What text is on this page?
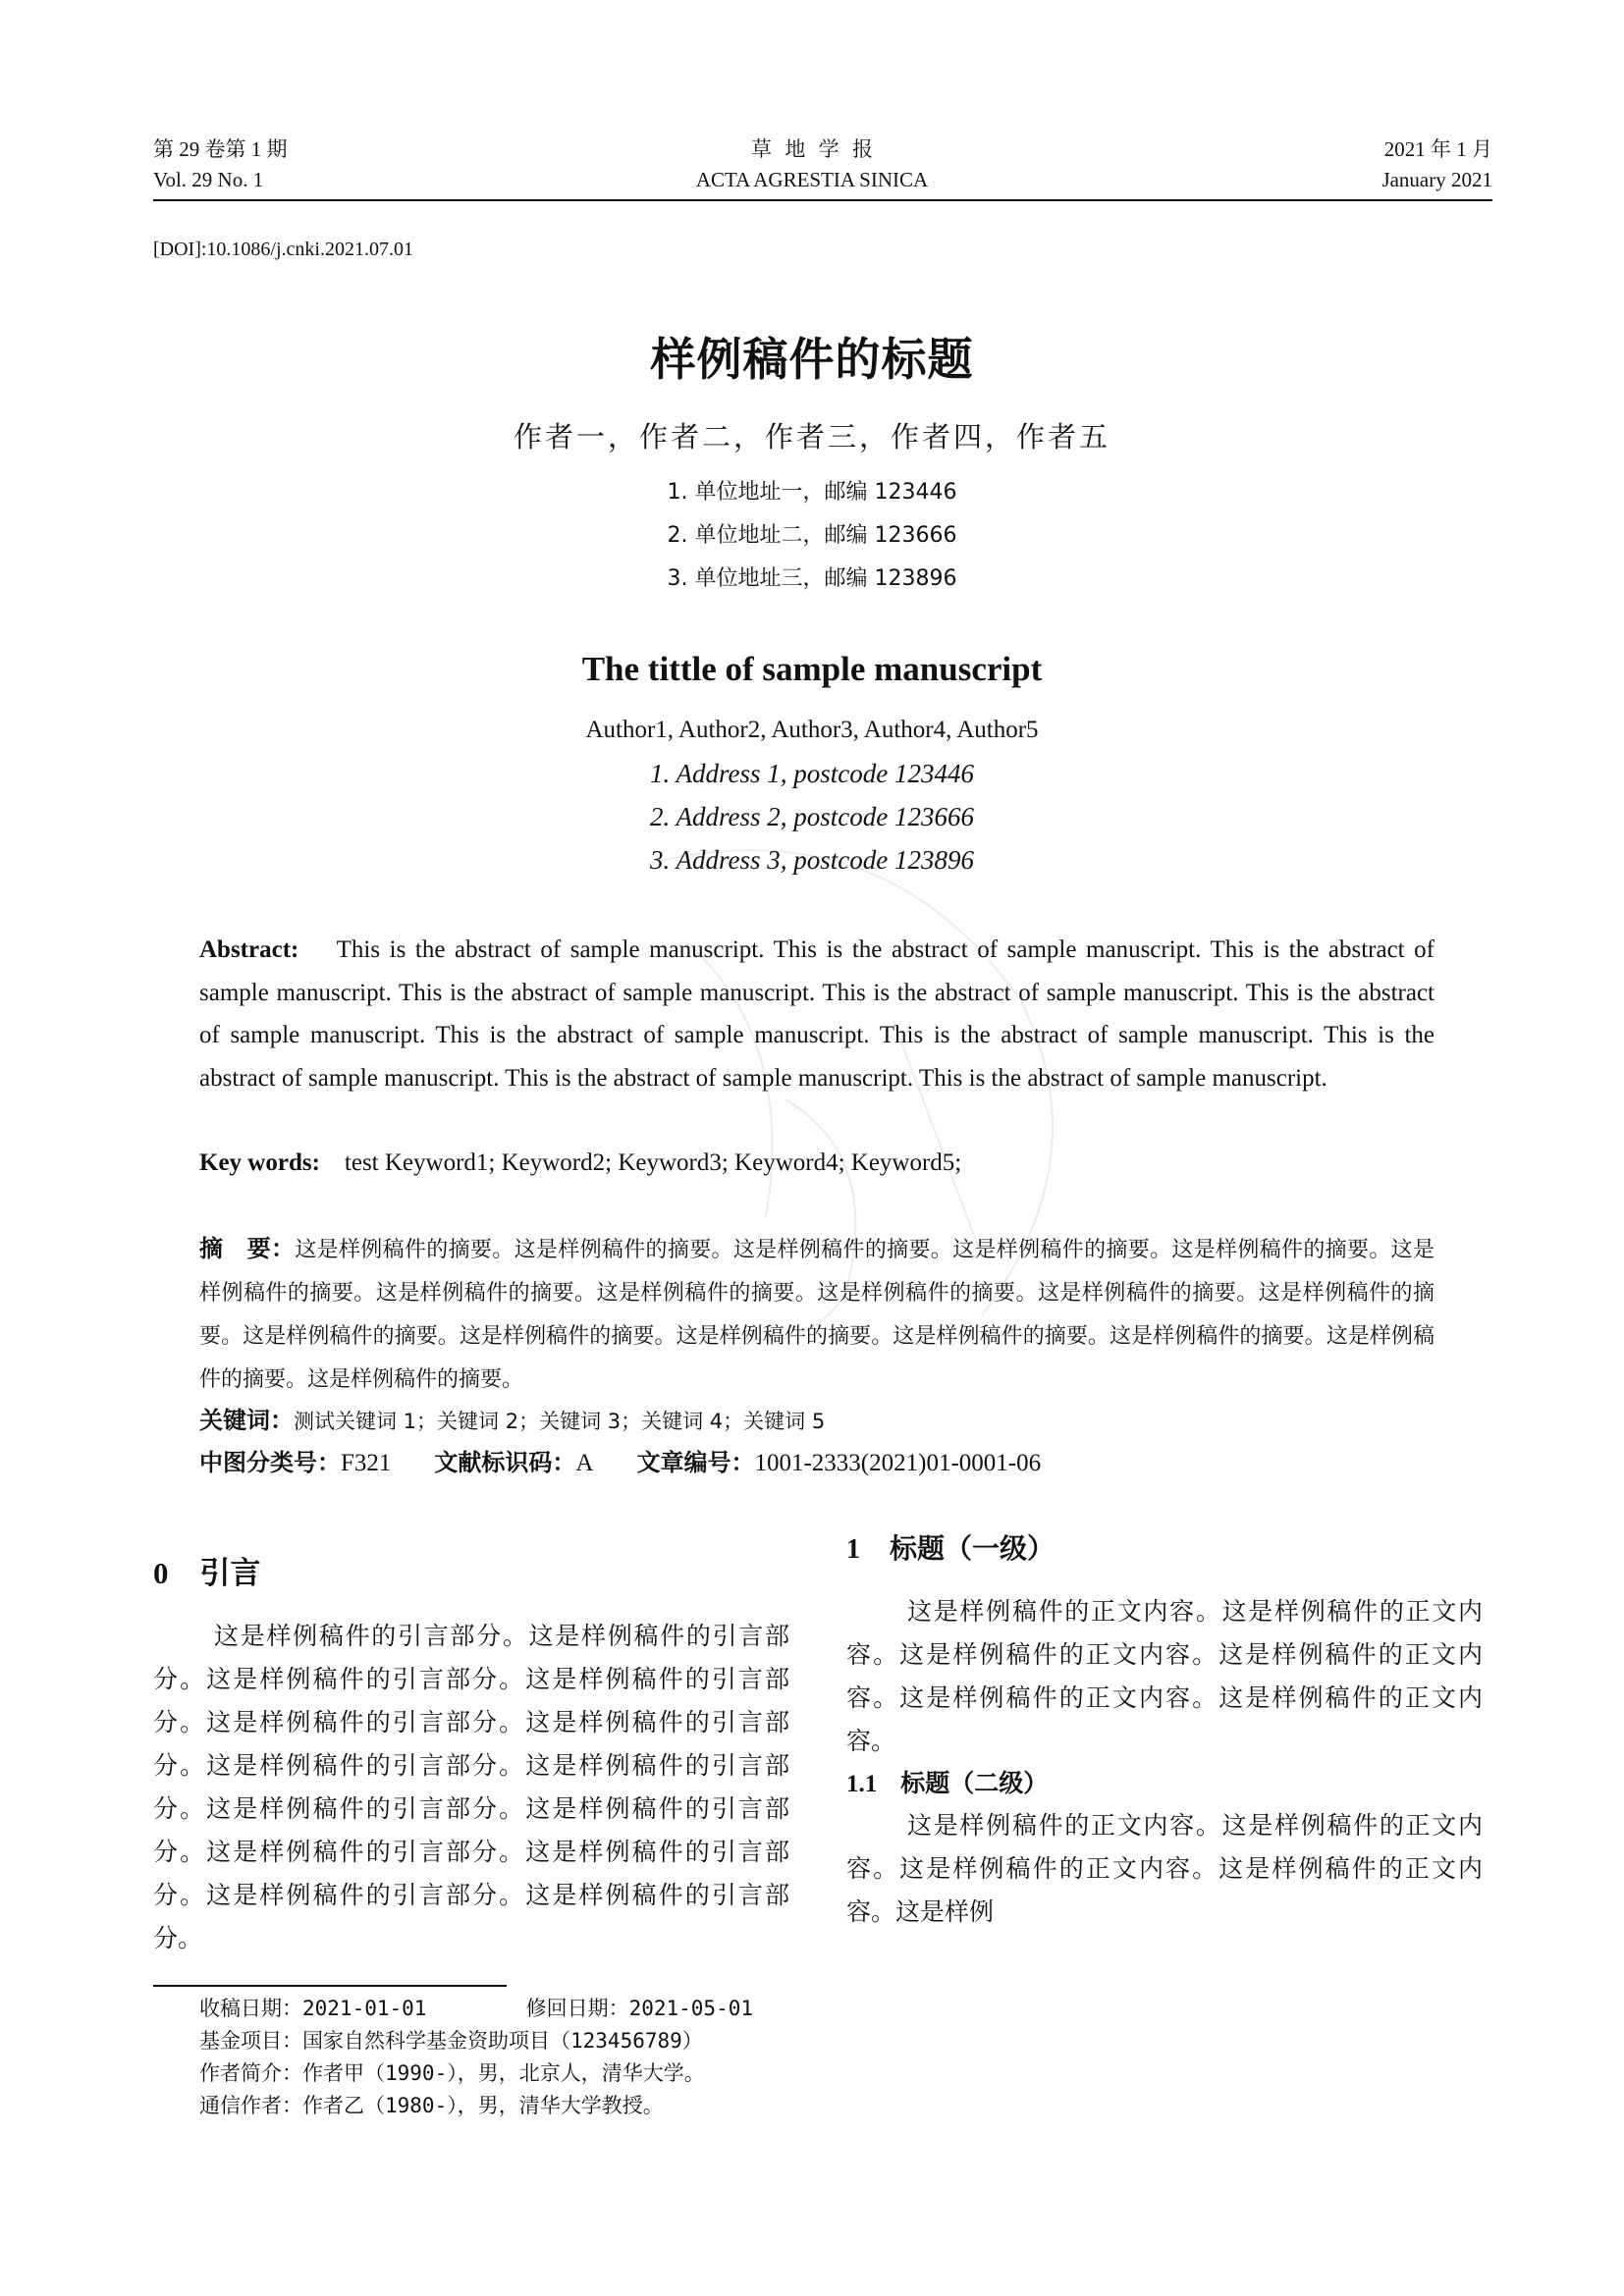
第 29 卷第 1 期
Vol. 29 No. 1
草  地  学  报
ACTA AGRESTIA SINICA
2021 年 1 月
January 2021
[DOI]:10.1086/j.cnki.2021.07.01
样例稿件的标题
作者一，作者二，作者三，作者四，作者五
1. 单位地址一，邮编 123446
2. 单位地址二，邮编 123666
3. 单位地址三，邮编 123896
The tittle of sample manuscript
Author1, Author2, Author3, Author4, Author5
1. Address 1, postcode 123446
2. Address 2, postcode 123666
3. Address 3, postcode 123896
Abstract: This is the abstract of sample manuscript. This is the abstract of sample manuscript. This is the abstract of sample manuscript. This is the abstract of sample manuscript. This is the abstract of sample manuscript. This is the abstract of sample manuscript. This is the abstract of sample manuscript. This is the abstract of sample manuscript. This is the abstract of sample manuscript. This is the abstract of sample manuscript. This is the abstract of sample manuscript.
Key words: test Keyword1; Keyword2; Keyword3; Keyword4; Keyword5;
摘　要：这是样例稿件的摘要。这是样例稿件的摘要。这是样例稿件的摘要。这是样例稿件的摘要。这是样例稿件的摘要。这是样例稿件的摘要。这是样例稿件的摘要。这是样例稿件的摘要。这是样例稿件的摘要。这是样例稿件的摘要。这是样例稿件的摘要。这是样例稿件的摘要。这是样例稿件的摘要。这是样例稿件的摘要。这是样例稿件的摘要。这是样例稿件的摘要。这是样例稿件的摘要。这是样例稿件的摘要。
关键词：测试关键词 1；关键词 2；关键词 3；关键词 4；关键词 5
中图分类号：F321 文献标识码：A 文章编号：1001-2333(2021)01-0001-06
0 引言
这是样例稿件的引言部分。这是样例稿件的引言部分。这是样例稿件的引言部分。这是样例稿件的引言部分。这是样例稿件的引言部分。这是样例稿件的引言部分。这是样例稿件的引言部分。这是样例稿件的引言部分。这是样例稿件的引言部分。这是样例稿件的引言部分。这是样例稿件的引言部分。这是样例稿件的引言部分。这是样例稿件的引言部分。这是样例稿件的引言部分。
1 标题（一级）
这是样例稿件的正文内容。这是样例稿件的正文内容。这是样例稿件的正文内容。这是样例稿件的正文内容。这是样例稿件的正文内容。这是样例稿件的正文内容。
1.1 标题（二级）
这是样例稿件的正文内容。这是样例稿件的正文内容。这是样例稿件的正文内容。这是样例稿件的正文内容。这是样例
收稿日期：2021-01-01        修回日期：2021-05-01
基金项目：国家自然科学基金资助项目（123456789）
作者简介：作者甲（1990-），男，北京人，清华大学。
通信作者：作者乙（1980-），男，清华大学教授。
